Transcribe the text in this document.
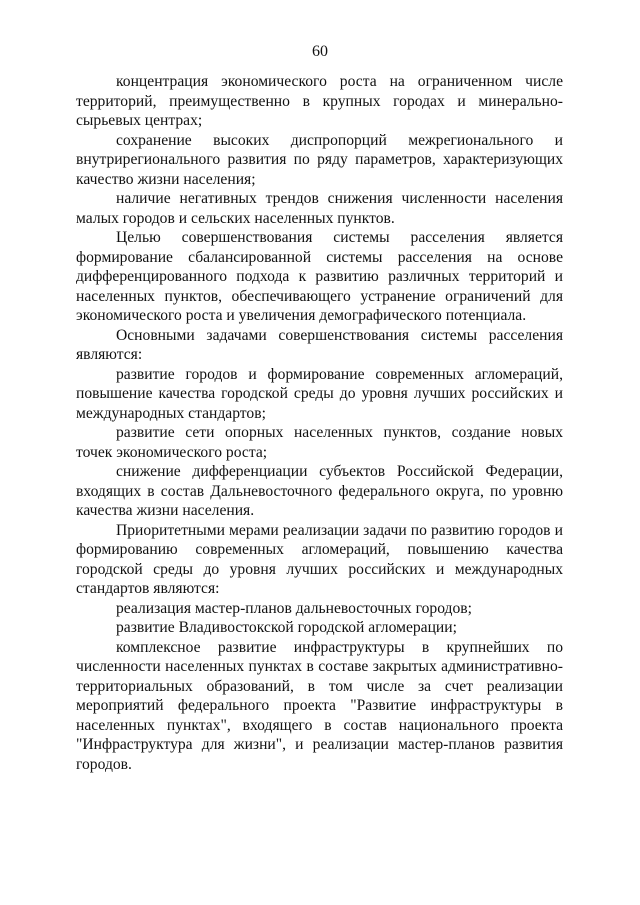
60

концентрация экономического роста на ограниченном числе территорий, преимущественно в крупных городах и минерально-сырьевых центрах;

сохранение высоких диспропорций межрегионального и внутрирегионального развития по ряду параметров, характеризующих качество жизни населения;

наличие негативных трендов снижения численности населения малых городов и сельских населенных пунктов.

Целью совершенствования системы расселения является формирование сбалансированной системы расселения на основе дифференцированного подхода к развитию различных территорий и населенных пунктов, обеспечивающего устранение ограничений для экономического роста и увеличения демографического потенциала.

Основными задачами совершенствования системы расселения являются:

развитие городов и формирование современных агломераций, повышение качества городской среды до уровня лучших российских и международных стандартов;

развитие сети опорных населенных пунктов, создание новых точек экономического роста;

снижение дифференциации субъектов Российской Федерации, входящих в состав Дальневосточного федерального округа, по уровню качества жизни населения.

Приоритетными мерами реализации задачи по развитию городов и формированию современных агломераций, повышению качества городской среды до уровня лучших российских и международных стандартов являются:

реализация мастер-планов дальневосточных городов;

развитие Владивостокской городской агломерации;

комплексное развитие инфраструктуры в крупнейших по численности населенных пунктах в составе закрытых административно-территориальных образований, в том числе за счет реализации мероприятий федерального проекта "Развитие инфраструктуры в населенных пунктах", входящего в состав национального проекта "Инфраструктура для жизни", и реализации мастер-планов развития городов.
